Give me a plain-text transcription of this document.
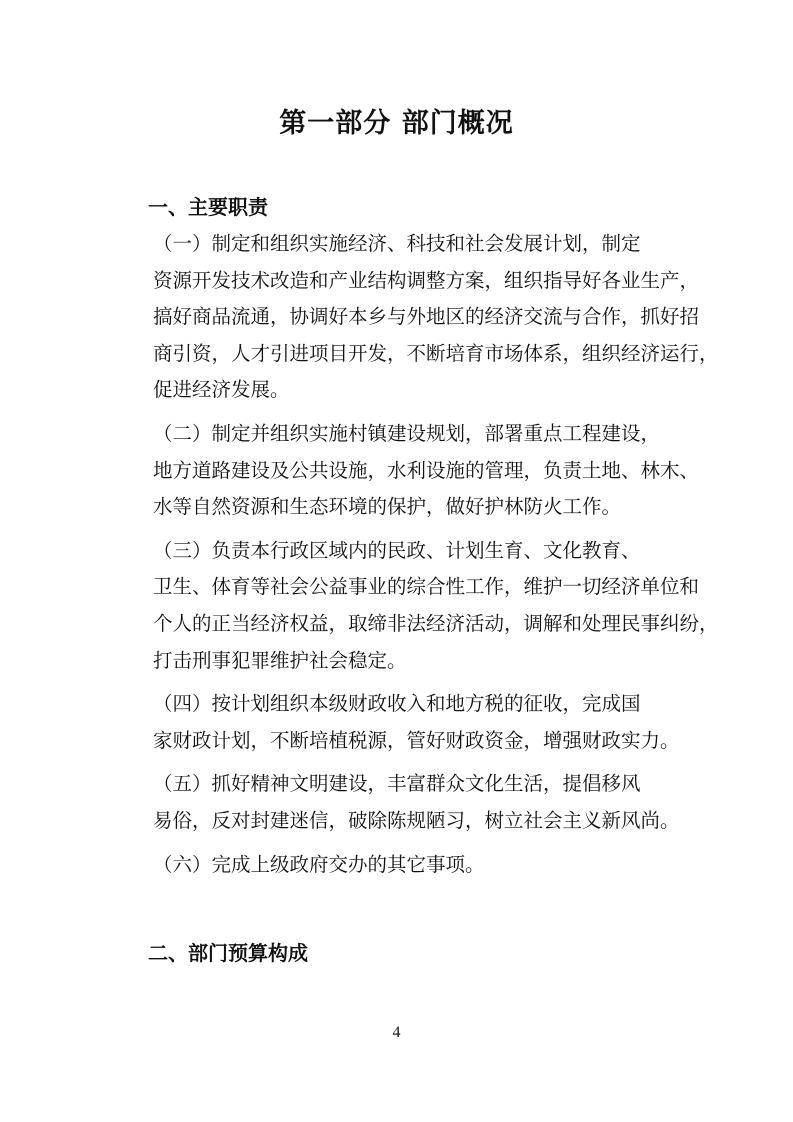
第一部分 部门概况
一、主要职责

（一）制定和组织实施经济、科技和社会发展计划，制定
资源开发技术改造和产业结构调整方案，组织指导好各业生产，
搞好商品流通，协调好本乡与外地区的经济交流与合作，抓好招
商引资，人才引进项目开发，不断培育市场体系，组织经济运行，
促进经济发展。

（二）制定并组织实施村镇建设规划，部署重点工程建设，
地方道路建设及公共设施，水利设施的管理，负责土地、林木、
水等自然资源和生态环境的保护，做好护林防火工作。

（三）负责本行政区域内的民政、计划生育、文化教育、
卫生、体育等社会公益事业的综合性工作，维护一切经济单位和
个人的正当经济权益，取缔非法经济活动，调解和处理民事纠纷，
打击刑事犯罪维护社会稳定。

（四）按计划组织本级财政收入和地方税的征收，完成国
家财政计划，不断培植税源，管好财政资金，增强财政实力。

（五）抓好精神文明建设，丰富群众文化生活，提倡移风
易俗，反对封建迷信，破除陈规陋习，树立社会主义新风尚。

（六）完成上级政府交办的其它事项。

二、部门预算构成
4
